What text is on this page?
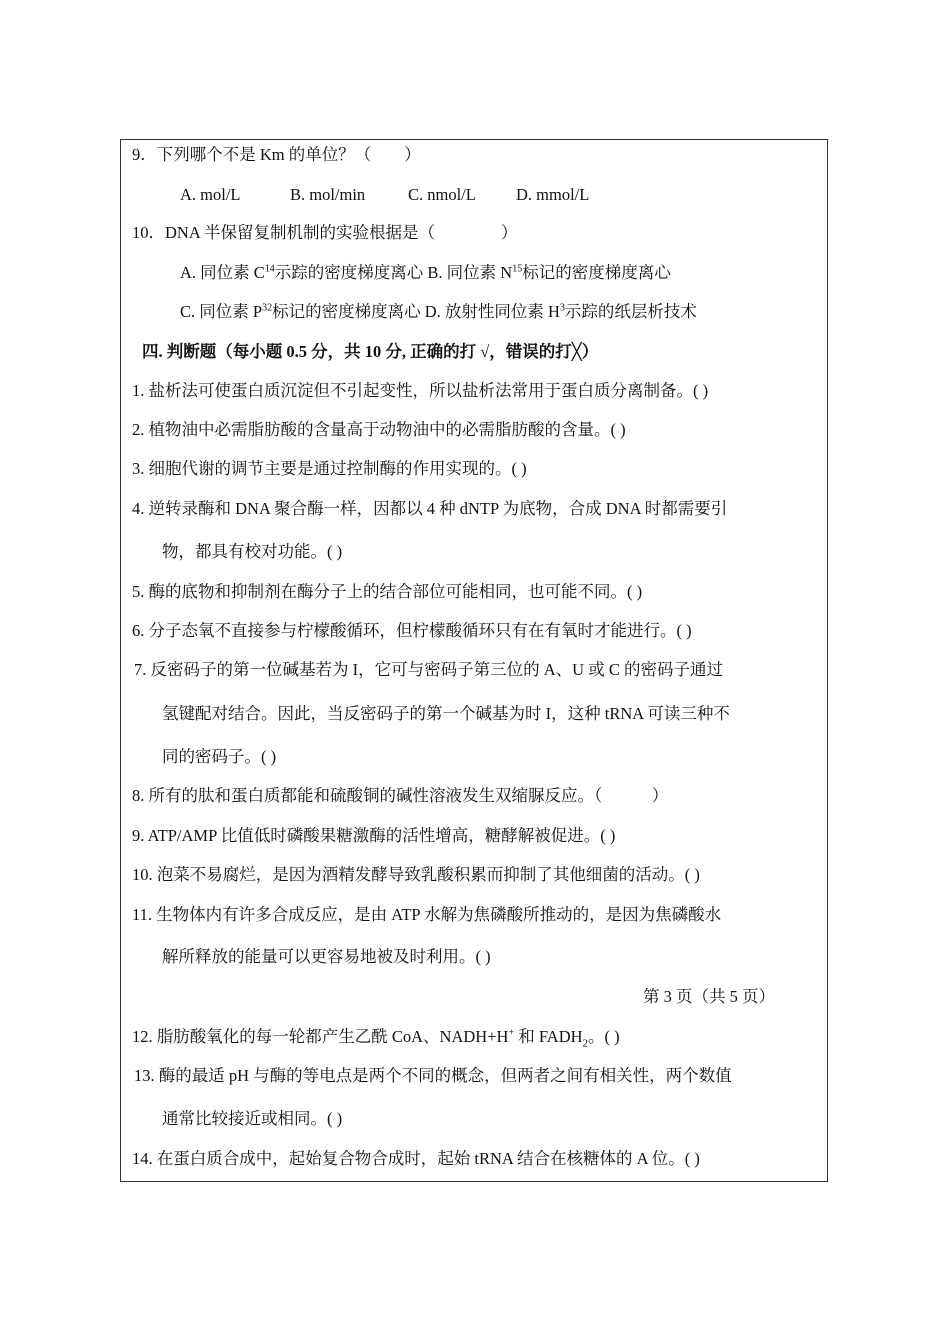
9．下列哪个不是 Km 的单位？（　　）
A. mol/L	B. mol/min	C. nmol/L D. mmol/L
10．DNA 半保留复制机制的实验根据是（　　　　）
A. 同位素 $C^{14}$示踪的密度梯度离心 B. 同位素 $N^{15}$标记的密度梯度离心
C. 同位素 $P^{32}$标记的密度梯度离心 D. 放射性同位素 $H^3$示踪的纸层析技术
四. 判断题（每小题 0.5 分，共 10 分, 正确的打 √，错误的打╳）
1. 盐析法可使蛋白质沉淀但不引起变性，所以盐析法常用于蛋白质分离制备。( )
2. 植物油中必需脂肪酸的含量高于动物油中的必需脂肪酸的含量。( )
3. 细胞代谢的调节主要是通过控制酶的作用实现的。( )
4. 逆转录酶和 DNA 聚合酶一样，因都以 4 种 dNTP 为底物，合成 DNA 时都需要引
物，都具有校对功能。( )
5. 酶的底物和抑制剂在酶分子上的结合部位可能相同，也可能不同。( )
6. 分子态氧不直接参与柠檬酸循环，但柠檬酸循环只有在有氧时才能进行。( )
7. 反密码子的第一位碱基若为 I，它可与密码子第三位的 A、U 或 C 的密码子通过
氢键配对结合。因此，当反密码子的第一个碱基为时 I，这种 tRNA 可读三种不
同的密码子。( )
8. 所有的肽和蛋白质都能和硫酸铜的碱性溶液发生双缩脲反应。（　　　）
9. ATP/AMP 比值低时磷酸果糖激酶的活性增高，糖酵解被促进。( )
10. 泡菜不易腐烂，是因为酒精发酵导致乳酸积累而抑制了其他细菌的活动。( )
11. 生物体内有许多合成反应，是由 ATP 水解为焦磷酸所推动的，是因为焦磷酸水
解所释放的能量可以更容易地被及时利用。( )
第 3 页（共 5 页）
12. 脂肪酸氧化的每一轮都产生乙酰 CoA、NADH+H+ 和 $FADH_2$。( )
13. 酶的最适 pH 与酶的等电点是两个不同的概念，但两者之间有相关性，两个数值
通常比较接近或相同。( )
14. 在蛋白质合成中，起始复合物合成时，起始 tRNA 结合在核糖体的 A 位。( )
